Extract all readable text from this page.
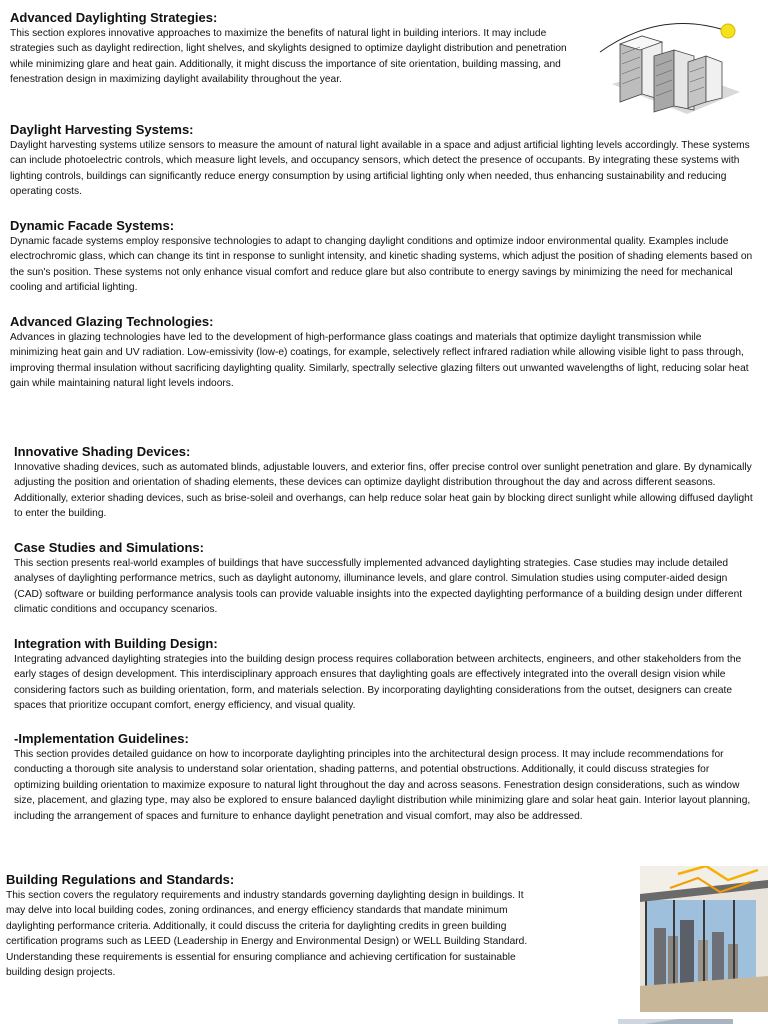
Advanced Daylighting Strategies:

This section explores innovative approaches to maximize the benefits of natural light in building interiors. It may include strategies such as daylight redirection, light shelves, and skylights designed to optimize daylight distribution and penetration while minimizing glare and heat gain. Additionally, it might discuss the importance of site orientation, building massing, and fenestration design in maximizing daylight availability throughout the year.

Daylight Harvesting Systems:

Daylight harvesting systems utilize sensors to measure the amount of natural light available in a space and adjust artificial lighting levels accordingly. These systems can include photoelectric controls, which measure light levels, and occupancy sensors, which detect the presence of occupants. By integrating these systems with lighting controls, buildings can significantly reduce energy consumption by using artificial lighting only when needed, thus enhancing sustainability and reducing operating costs.

Dynamic Facade Systems:

Dynamic facade systems employ responsive technologies to adapt to changing daylight conditions and optimize indoor environmental quality. Examples include electrochromic glass, which can change its tint in response to sunlight intensity, and kinetic shading systems, which adjust the position of shading elements based on the sun's position. These systems not only enhance visual comfort and reduce glare but also contribute to energy savings by minimizing the need for mechanical cooling and artificial lighting.

Advanced Glazing Technologies:

Advances in glazing technologies have led to the development of high-performance glass coatings and materials that optimize daylight transmission while minimizing heat gain and UV radiation. Low-emissivity (low-e) coatings, for example, selectively reflect infrared radiation while allowing visible light to pass through, improving thermal insulation without sacrificing daylighting quality. Similarly, spectrally selective glazing filters out unwanted wavelengths of light, reducing solar heat gain while maintaining natural light levels indoors.

Innovative Shading Devices:

Innovative shading devices, such as automated blinds, adjustable louvers, and exterior fins, offer precise control over sunlight penetration and glare. By dynamically adjusting the position and orientation of shading elements, these devices can optimize daylight distribution throughout the day and across different seasons. Additionally, exterior shading devices, such as brise-soleil and overhangs, can help reduce solar heat gain by blocking direct sunlight while allowing diffused daylight to enter the building.

Case Studies and Simulations:

This section presents real-world examples of buildings that have successfully implemented advanced daylighting strategies. Case studies may include detailed analyses of daylighting performance metrics, such as daylight autonomy, illuminance levels, and glare control. Simulation studies using computer-aided design (CAD) software or building performance analysis tools can provide valuable insights into the expected daylighting performance of a building design under different climatic conditions and occupancy scenarios.

Integration with Building Design:

Integrating advanced daylighting strategies into the building design process requires collaboration between architects, engineers, and other stakeholders from the early stages of design development. This interdisciplinary approach ensures that daylighting goals are effectively integrated into the overall design vision while considering factors such as building orientation, form, and materials selection. By incorporating daylighting considerations from the outset, designers can create spaces that prioritize occupant comfort, energy efficiency, and visual quality.

-Implementation Guidelines:

This section provides detailed guidance on how to incorporate daylighting principles into the architectural design process. It may include recommendations for conducting a thorough site analysis to understand solar orientation, shading patterns, and potential obstructions. Additionally, it could discuss strategies for optimizing building orientation to maximize exposure to natural light throughout the day and across seasons. Fenestration design considerations, such as window size, placement, and glazing type, may also be explored to ensure balanced daylight distribution while minimizing glare and solar heat gain. Interior layout planning, including the arrangement of spaces and furniture to enhance daylight penetration and visual comfort, may also be addressed.

Building Regulations and Standards:

This section covers the regulatory requirements and industry standards governing daylighting design in buildings. It may delve into local building codes, zoning ordinances, and energy efficiency standards that mandate minimum daylighting performance criteria. Additionally, it could discuss the criteria for daylighting credits in green building certification programs such as LEED (Leadership in Energy and Environmental Design) or WELL Building Standard. Understanding these requirements is essential for ensuring compliance and achieving certification for sustainable building design projects.
